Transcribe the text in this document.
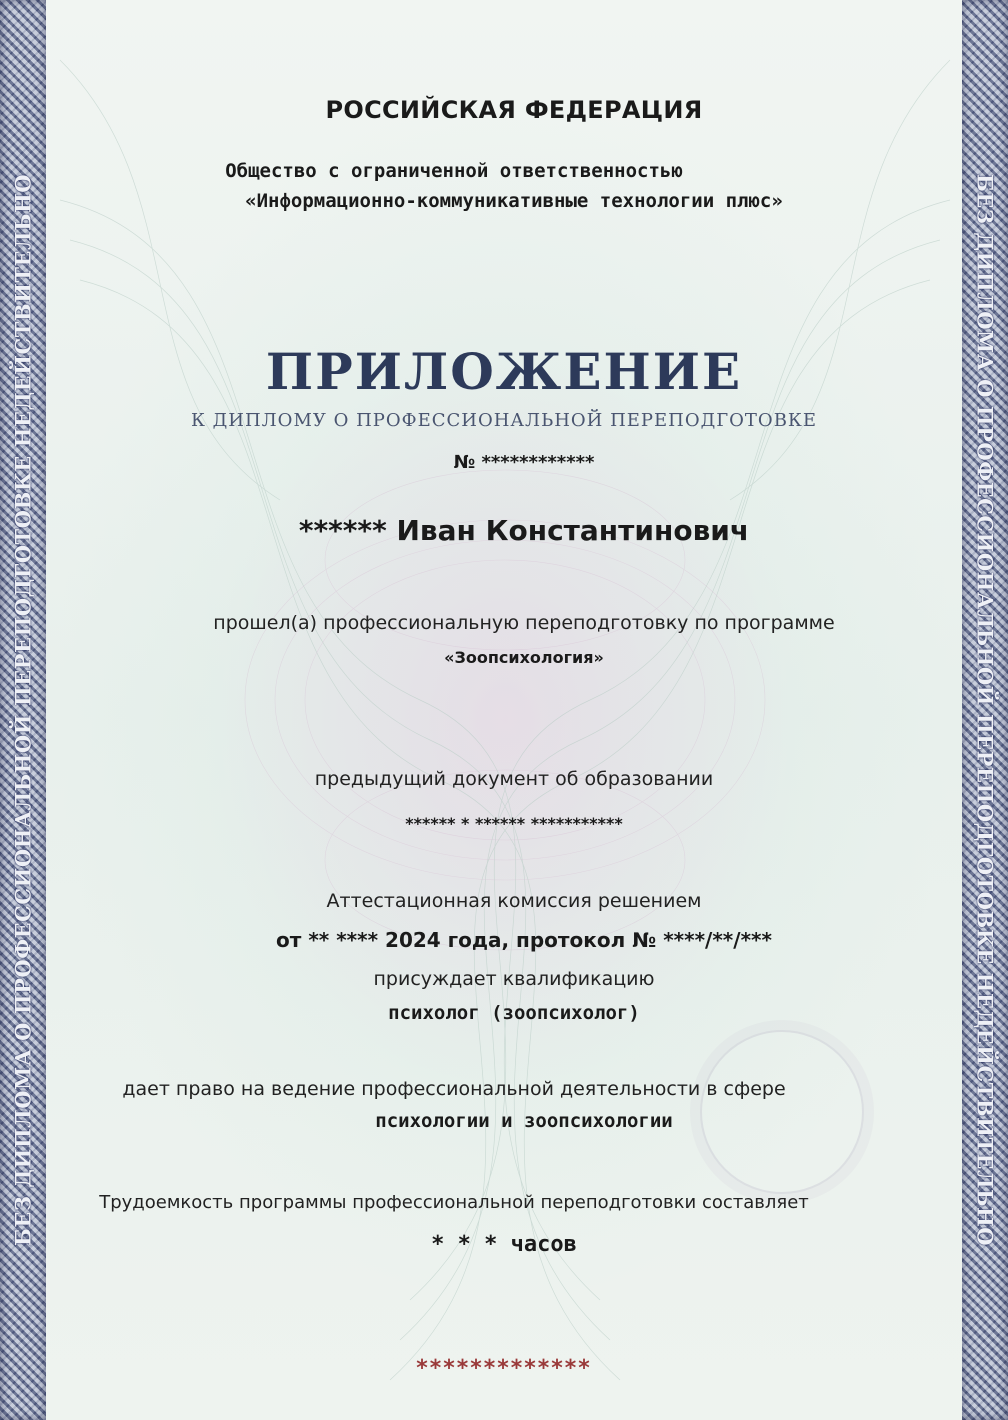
БЕЗ ДИПЛОМА О ПРОФЕССИОНАЛЬНОЙ ПЕРЕПОДГОТОВКЕ НЕДЕЙСТВИТЕЛЬНО	БЕЗ ДИПЛОМА О ПРОФЕССИОНАЛЬНОЙ ПЕРЕПОДГОТОВКЕ НЕДЕЙСТВИТЕЛЬНО
РОССИЙСКАЯ ФЕДЕРАЦИЯ
Общество с ограниченной ответственностью
«Информационно-коммуникативные технологии плюс»
ПРИЛОЖЕНИЕ
К ДИПЛОМУ О ПРОФЕССИОНАЛЬНОЙ ПЕРЕПОДГОТОВКЕ
№ ************
****** Иван Константинович
прошел(а) профессиональную переподготовку по программе
«Зоопсихология»
предыдущий документ об образовании
****** * ****** ***********
Аттестационная комиссия решением
от ** **** 2024 года, протокол № ****/**/***
присуждает квалификацию
психолог (зоопсихолог)
дает право на ведение профессиональной деятельности в сфере
психологии и зоопсихологии
Трудоемкость программы профессиональной переподготовки составляет
* * * часов
*************
